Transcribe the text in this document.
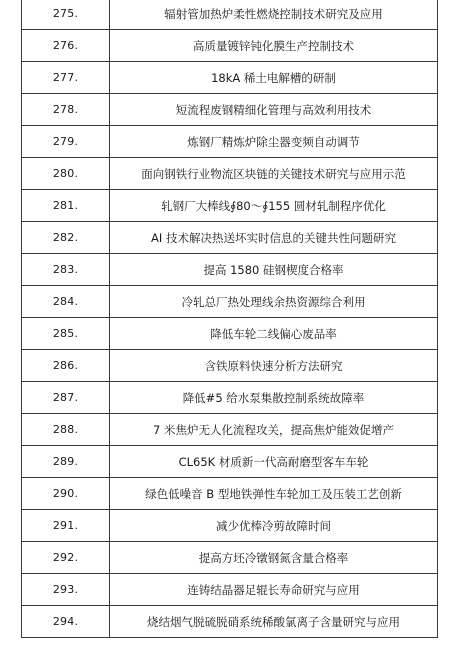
275.	辐射管加热炉柔性燃烧控制技术研究及应用
276.	高质量镀锌钝化膜生产控制技术
277.	18kA 稀土电解槽的研制
278.	短流程废钢精细化管理与高效利用技术
279.	炼钢厂精炼炉除尘器变频自动调节
280.	面向钢铁行业物流区块链的关键技术研究与应用示范
281.	轧钢厂大棒线∮80～∮155 圆材轧制程序优化
282.	AI 技术解决热送坏实时信息的关键共性问题研究
283.	提高 1580 硅钢楔度合格率
284.	冷轧总厂热处理线余热资源综合利用
285.	降低车轮二线偏心废品率
286.	含铁原料快速分析方法研究
287.	降低#5 给水泵集散控制系统故障率
288.	7 米焦炉无人化流程攻关，提高焦炉能效促增产
289.	CL65K 材质新一代高耐磨型客车车轮
290.	绿色低噪音 B 型地铁弹性车轮加工及压装工艺创新
291.	减少优棒冷剪故障时间
292.	提高方坯冷镦钢氮含量合格率
293.	连铸结晶器足辊长寿命研究与应用
294.	烧结烟气脱硫脱硝系统稀酸氯离子含量研究与应用
